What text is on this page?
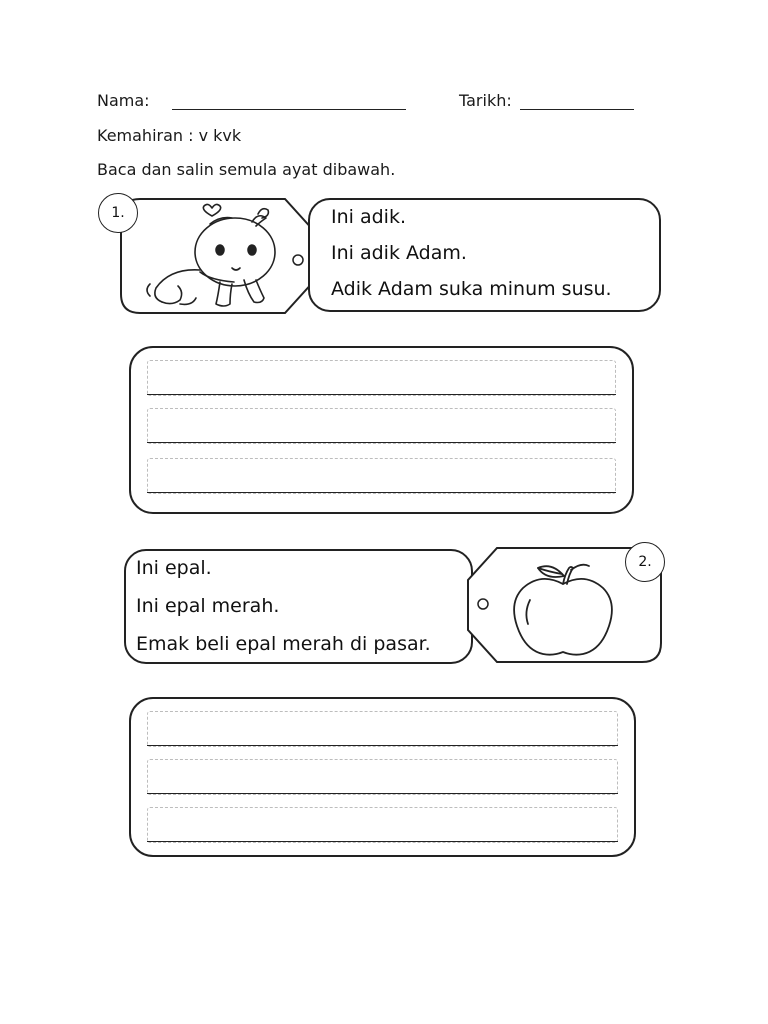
Nama:	Tarikh:
Kemahiran : v kvk
Baca dan salin semula ayat dibawah.
1.	Ini adik.
Ini adik Adam.
Adik Adam suka minum susu.
Ini epal.
Ini epal merah.
Emak beli epal merah di pasar.
2.
